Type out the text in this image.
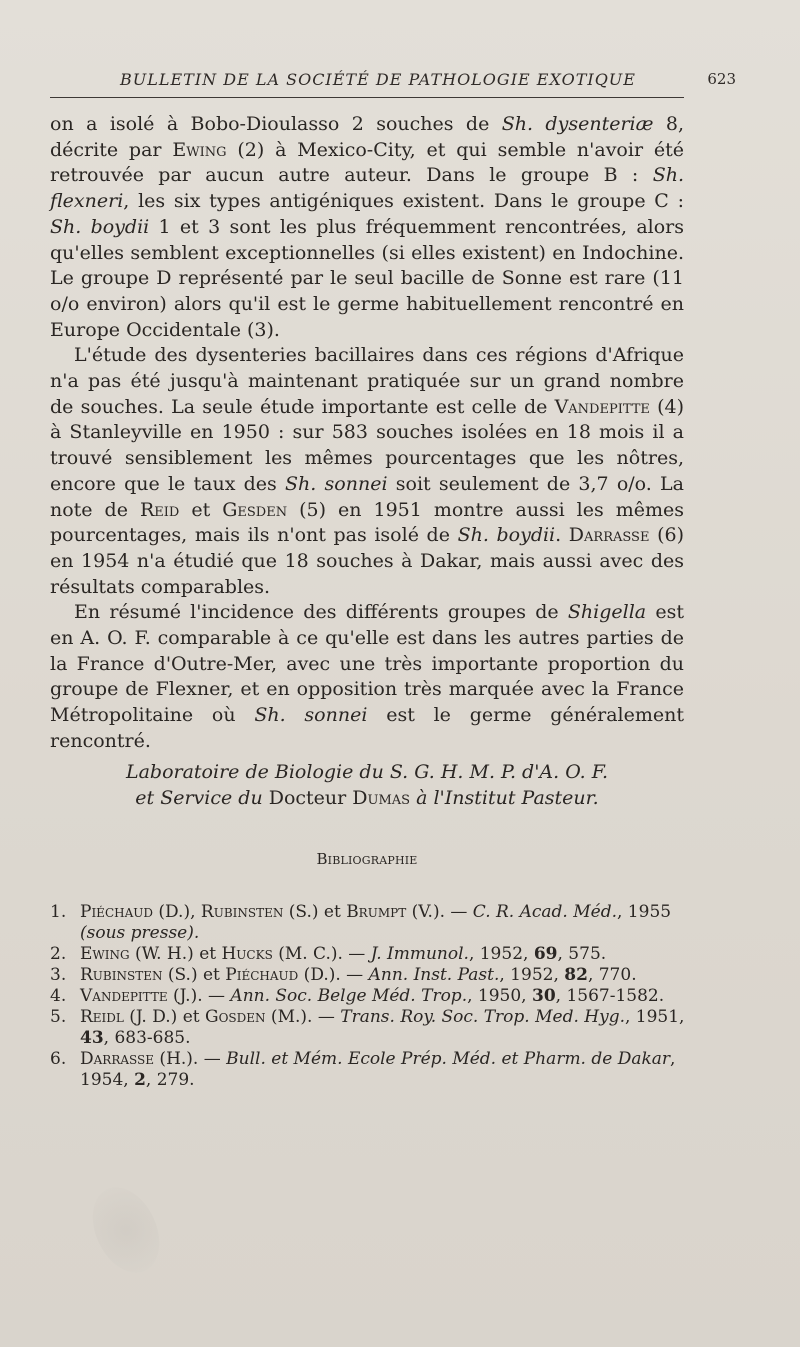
BULLETIN DE LA SOCIÉTÉ DE PATHOLOGIE EXOTIQUE	623

on a isolé à Bobo-Dioulasso 2 souches de Sh. dysenteriæ 8, décrite par Ewing (2) à Mexico-City, et qui semble n'avoir été retrouvée par aucun autre auteur. Dans le groupe B : Sh. flexneri, les six types antigéniques existent. Dans le groupe C : Sh. boydii 1 et 3 sont les plus fréquemment rencontrées, alors qu'elles semblent exceptionnelles (si elles existent) en Indochine. Le groupe D représenté par le seul bacille de Sonne est rare (11 o/o environ) alors qu'il est le germe habituellement rencontré en Europe Occidentale (3).

L'étude des dysenteries bacillaires dans ces régions d'Afrique n'a pas été jusqu'à maintenant pratiquée sur un grand nombre de souches. La seule étude importante est celle de Vandepitte (4) à Stanleyville en 1950 : sur 583 souches isolées en 18 mois il a trouvé sensiblement les mêmes pourcentages que les nôtres, encore que le taux des Sh. sonnei soit seulement de 3,7 o/o. La note de Reid et Gesden (5) en 1951 montre aussi les mêmes pourcentages, mais ils n'ont pas isolé de Sh. boydii. Darrasse (6) en 1954 n'a étudié que 18 souches à Dakar, mais aussi avec des résultats comparables.

En résumé l'incidence des différents groupes de Shigella est en A. O. F. comparable à ce qu'elle est dans les autres parties de la France d'Outre-Mer, avec une très importante proportion du groupe de Flexner, et en opposition très marquée avec la France Métropolitaine où Sh. sonnei est le germe généralement rencontré.

Laboratoire de Biologie du S. G. H. M. P. d'A. O. F.
et Service du Docteur Dumas à l'Institut Pasteur.
Bibliographie
1. Piéchaud (D.), Rubinsten (S.) et Brumpt (V.). — C. R. Acad. Méd., 1955 (sous presse).
2. Ewing (W. H.) et Hucks (M. C.). — J. Immunol., 1952, 69, 575.
3. Rubinsten (S.) et Piéchaud (D.). — Ann. Inst. Past., 1952, 82, 770.
4. Vandepitte (J.). — Ann. Soc. Belge Méd. Trop., 1950, 30, 1567-1582.
5. Reidl (J. D.) et Gosden (M.). — Trans. Roy. Soc. Trop. Med. Hyg., 1951, 43, 683-685.
6. Darrasse (H.). — Bull. et Mém. Ecole Prép. Méd. et Pharm. de Dakar, 1954, 2, 279.
